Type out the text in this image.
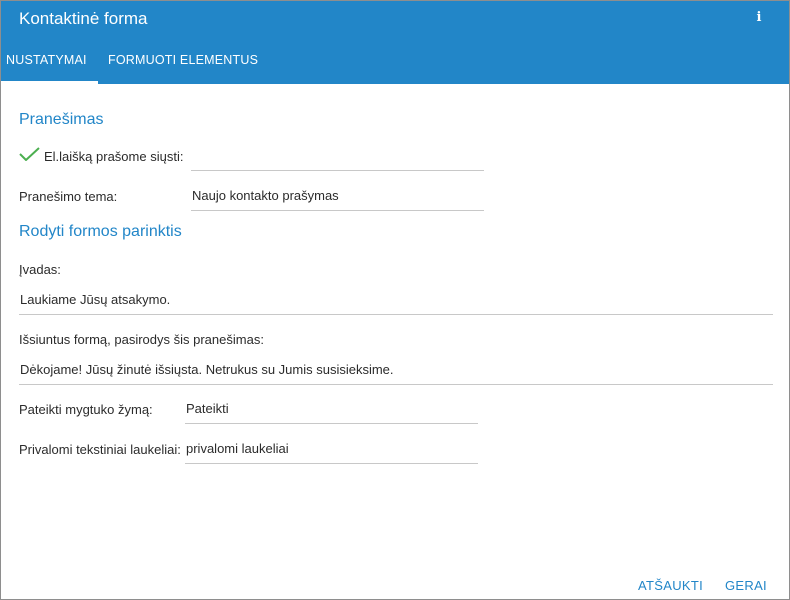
Kontaktinė forma	i
NUSTATYMAI	FORMUOTI ELEMENTUS
Pranešimas
El.laišką prašome siųsti:
Pranešimo tema:	Naujo kontakto prašymas
Rodyti formos parinktis
Įvadas:
Laukiame Jūsų atsakymo.
Išsiuntus formą, pasirodys šis pranešimas:
Dėkojame! Jūsų žinutė išsiųsta. Netrukus su Jumis susisieksime.
Pateikti mygtuko žymą:	Pateikti
Privalomi tekstiniai laukeliai: privalomi laukeliai
ATŠAUKTI GERAI
